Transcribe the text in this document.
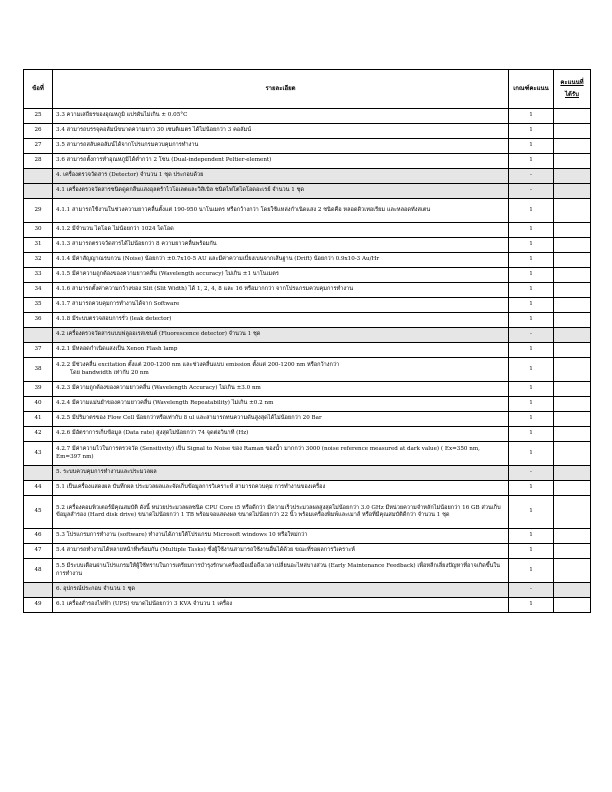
ข้อที่	รายละเอียด	เกณฑ์คะแนน	คะแนนที่ได้รับ
25	3.3 ความเสถียรของอุณหภูมิ แปรผันไม่เกิน ± 0.05°C	1	
26	3.4 สามารถบรรจุคอลัมน์ขนาดความยาว 30 เซนติเมตร ได้ไม่น้อยกว่า 3 คอลัมน์	1	
27	3.5 สามารถสลับคอลัมน์ได้จากโปรแกรมควบคุมการทำงาน	1	
28	3.6 สามารถตั้งการทำอุณหภูมิได้ต่ำกว่า 2 โซน (Dual-independent Peltier-element)	1	
	4. เครื่องตรวจวัดสาร (Detector) จำนวน 1 ชุด ประกอบด้วย	-	
	4.1 เครื่องตรวจวัดสารชนิดดูดกลืนแสงอุลตร้าไวโอเลตและวิสิเบิล ชนิดไฟโตไดโอดอะเรย์ จำนวน 1 ชุด	-	
29	4.1.1 สามารถใช้งานในช่วงความยาวคลื่นตั้งแต่ 190-950 นาโนเมตร หรือกว้างกว่า โดยใช้แหล่งกำเนิดแสง 2 ชนิดคือ หลอดดิวเทอเรียม และหลอดทังสเตน	1	
30	4.1.2 มีจำนวน ไดโอด ไม่น้อยกว่า 1024 ไดโอด	1	
31	4.1.3 สามารถตรวจวัดสารได้ไม่น้อยกว่า 8 ความยาวคลื่นพร้อมกัน	1	
32	4.1.4 มีค่าสัญญาณรบกวน (Noise) น้อยกว่า ±0.7x10-5 AU และมีค่าความเบี่ยงเบนจากเส้นฐาน (Drift) น้อยกว่า 0.9x10-3 Au/Hr	1	
33	4.1.5 มีค่าความถูกต้องของความยาวคลื่น (Wavelength accuracy) ไม่เกิน ±1 นาโนเมตร	1	
34	4.1.6 สามารถตั้งค่าความกว้างของ Slit (Slit Width) ได้ 1, 2, 4, 8 และ 16 หรือมากกว่า จากโปรแกรมควบคุมการทำงาน	1	
35	4.1.7 สามารถควบคุมการทำงานได้จาก Software	1	
36	4.1.8 มีระบบตรวจสอบการรั่ว (leak detector)	1	
	4.2 เครื่องตรวจวัดสารแบบฟลูออเรสเซนต์ (Fluorescence detector) จำนวน 1 ชุด	-	
37	4.2.1 มีหลอดกำเนิดแสงเป็น Xenon Flash lamp	1	
38	4.2.2 มีช่วงคลื่น excitation ตั้งแต่ 200-1200 nm และช่วงคลื่นแบบ emission ตั้งแต่ 200-1200 nm หรือกว้างกว่า
โดย bandwidth เท่ากับ 20 nm	1	
39	4.2.3 มีความถูกต้องของความยาวคลื่น (Wavelength Accuracy) ไม่เกิน ±3.0 nm	1	
40	4.2.4 มีความแม่นยำของความยาวคลื่น (Wavelength Repeatability) ไม่เกิน ±0.2 nm	1	
41	4.2.5 มีปริมาตรของ Flow Cell น้อยกว่าหรือเท่ากับ 8 ul และสามารถทนความดันสูงสุดได้ไม่น้อยกว่า 20 Bar	1	
42	4.2.6 มีอัตราการเก็บข้อมูล (Data rate) สูงสุดไม่น้อยกว่า 74 จุดต่อวินาที (Hz)	1	
43	4.2.7 มีค่าความไวในการตรวจวัด (Sensitivity) เป็น Signal to Noise ของ Raman ของน้ำ มากกว่า 3000 (noise reference measured at dark value) ( Ex=350 nm, Em=397 nm)	1	
	5. ระบบควบคุมการทำงานและประมวลผล	-	
44	5.1 เป็นเครื่องแสดงผล บันทึกผล ประมวลผลและจัดเก็บข้อมูลการวิเคราะห์ สามารถควบคุม การทำงานของเครื่อง	1	
45	5.2 เครื่องคอมพิวเตอร์มีคุณสมบัติ ดังนี้ หน่วยประมวลผลชนิด CPU Core i5 หรือดีกว่า มีความเร็วประมวลผลสูงสุดไม่น้อยกว่า 3.0 GHz มีหน่วยความจำหลักไม่น้อยกว่า 16 GB ส่วนเก็บ ข้อมูลสำรอง (Hard disk drive) ขนาดไม่น้อยกว่า 1 TB พร้อมจอแสดงผล ขนาดไม่น้อยกว่า 22 นิ้ว พร้อมเครื่องพิมพ์และเมาส์ หรือที่มีคุณสมบัติดีกว่า จำนวน 1 ชุด	1	
46	5.3 โปรแกรมการทำงาน (software) ทำงานได้ภายใต้โปรแกรม Microsoft windows 10 หรือใหม่กว่า	1	
47	5.4 สามารถทำงานได้หลายหน้าที่พร้อมกัน (Multiple Tasks) ซึ่งผู้ใช้งานสามารถใช้งานอื่นได้ด้วย ขณะที่รอผลการวิเคราะห์	1	
48	5.5 มีระบบเตือนผ่านโปรแกรมให้ผู้ใช้ทราบในการเตรียมการบำรุงรักษาเครื่องมือเมื่อถึงเวลาเปลี่ยนอะไหล่บางส่วน (Early Maintenance Feedback) เพื่อหลีกเลี่ยงปัญหาที่อาจเกิดขึ้นในการทำงาน	1	
	6. อุปกรณ์ประกอบ จำนวน 1 ชุด	-	
49	6.1 เครื่องสำรองไฟฟ้า (UPS) ขนาดไม่น้อยกว่า 3 KVA จำนวน 1 เครื่อง	1	
